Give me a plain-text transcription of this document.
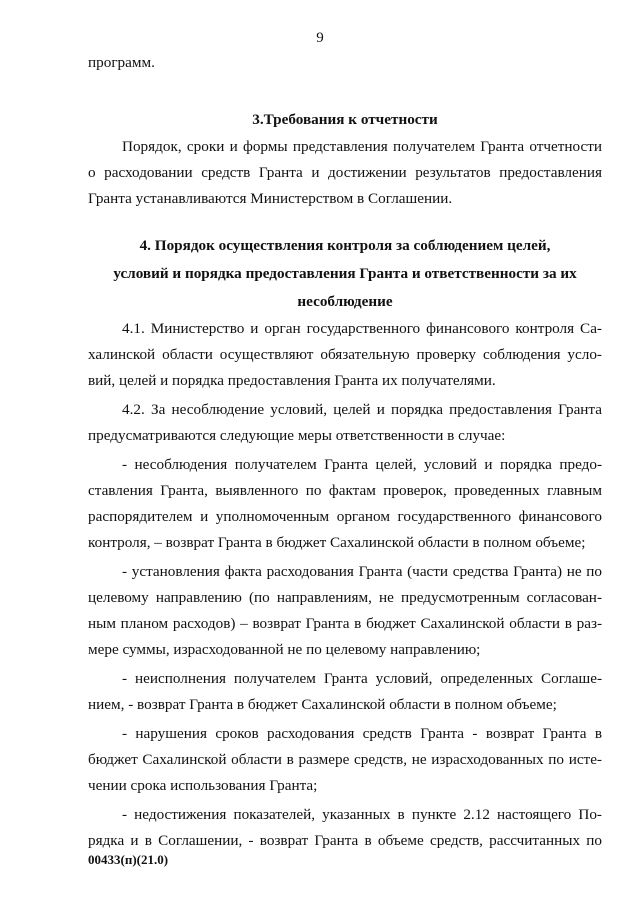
9
программ.
3.Требования к отчетности
Порядок, сроки и формы представления получателем Гранта отчетности
о расходовании средств Гранта и достижении результатов предоставления
Гранта устанавливаются Министерством в Соглашении.
4. Порядок осуществления контроля за соблюдением целей,
условий и порядка предоставления Гранта и ответственности за их
несоблюдение
4.1. Министерство и орган государственного финансового контроля Са-
халинской области осуществляют обязательную проверку соблюдения усло-
вий, целей и порядка предоставления Гранта их получателями.
4.2. За несоблюдение условий, целей и порядка предоставления Гранта
предусматриваются следующие меры ответственности в случае:
- несоблюдения получателем Гранта целей, условий и порядка предо-
ставления Гранта, выявленного по фактам проверок, проведенных главным
распорядителем и уполномоченным органом государственного финансового
контроля, – возврат Гранта в бюджет Сахалинской области в полном объеме;
- установления факта расходования Гранта (части средства Гранта) не по
целевому направлению (по направлениям, не предусмотренным согласован-
ным планом расходов) – возврат Гранта в бюджет Сахалинской области в раз-
мере суммы, израсходованной не по целевому направлению;
- неисполнения получателем Гранта условий, определенных Соглаше-
нием, - возврат Гранта в бюджет Сахалинской области в полном объеме;
- нарушения сроков расходования средств Гранта - возврат Гранта в
бюджет Сахалинской области в размере средств, не израсходованных по исте-
чении срока использования Гранта;
- недостижения показателей, указанных в пункте 2.12 настоящего По-
рядка и в Соглашении, - возврат Гранта в объеме средств, рассчитанных по
00433(п)(21.0)
